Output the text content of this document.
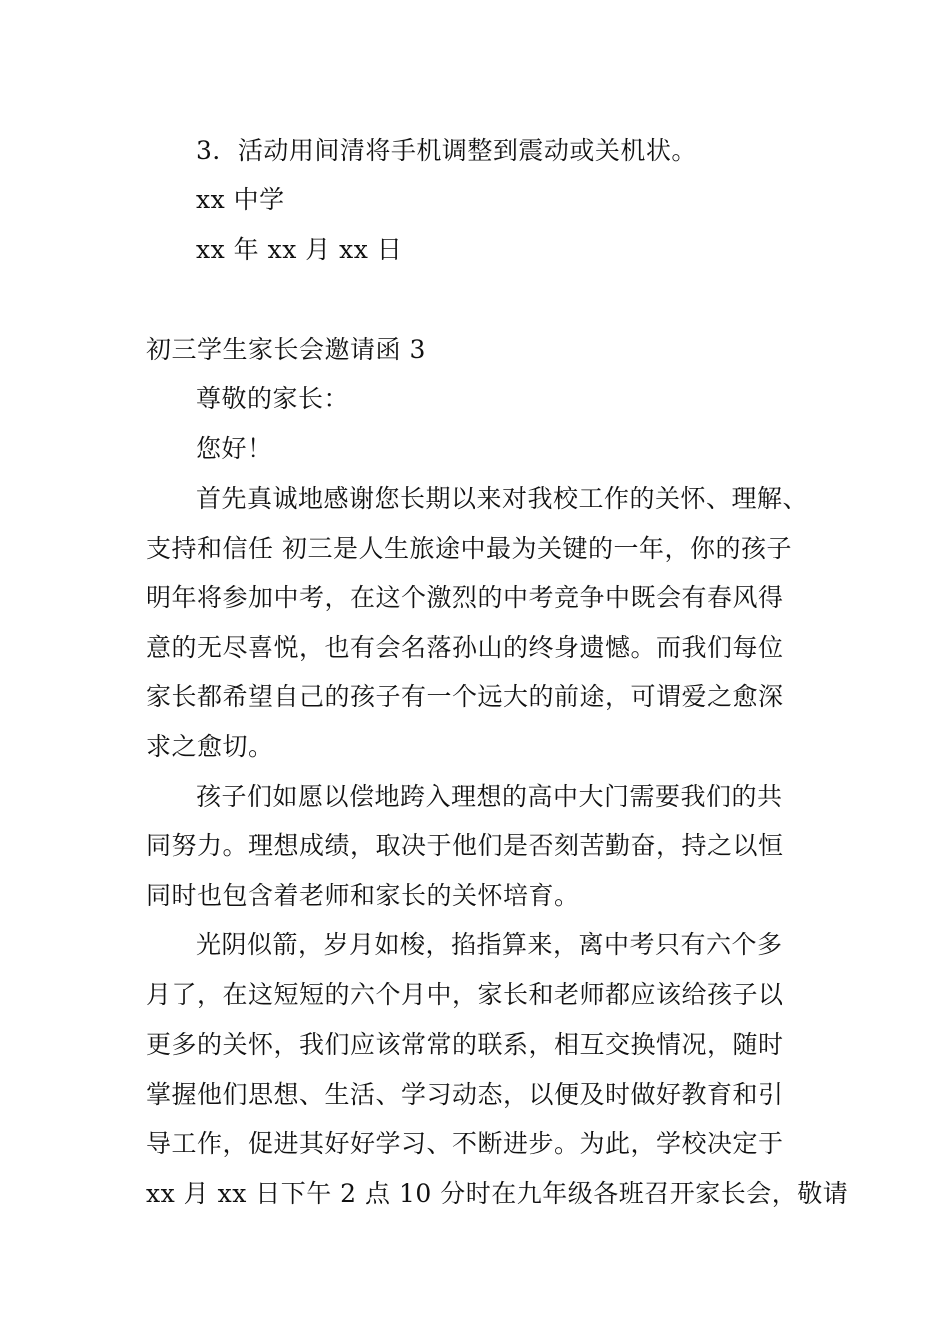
3．活动用间清将手机调整到震动或关机状。
xx 中学
xx 年 xx 月 xx 日
初三学生家长会邀请函 3
尊敬的家长：
您好！
首先真诚地感谢您长期以来对我校工作的关怀、理解、
支持和信任 初三是人生旅途中最为关键的一年，你的孩子
明年将参加中考，在这个激烈的中考竞争中既会有春风得
意的无尽喜悦，也有会名落孙山的终身遗憾。而我们每位
家长都希望自己的孩子有一个远大的前途，可谓爱之愈深
求之愈切。
孩子们如愿以偿地跨入理想的高中大门需要我们的共
同努力。理想成绩，取决于他们是否刻苦勤奋，持之以恒
同时也包含着老师和家长的关怀培育。
光阴似箭，岁月如梭，掐指算来，离中考只有六个多
月了，在这短短的六个月中，家长和老师都应该给孩子以
更多的关怀，我们应该常常的联系，相互交换情况，随时
掌握他们思想、生活、学习动态，以便及时做好教育和引
导工作，促进其好好学习、不断进步。为此，学校决定于
xx 月 xx 日下午 2 点 10 分时在九年级各班召开家长会，敬请
